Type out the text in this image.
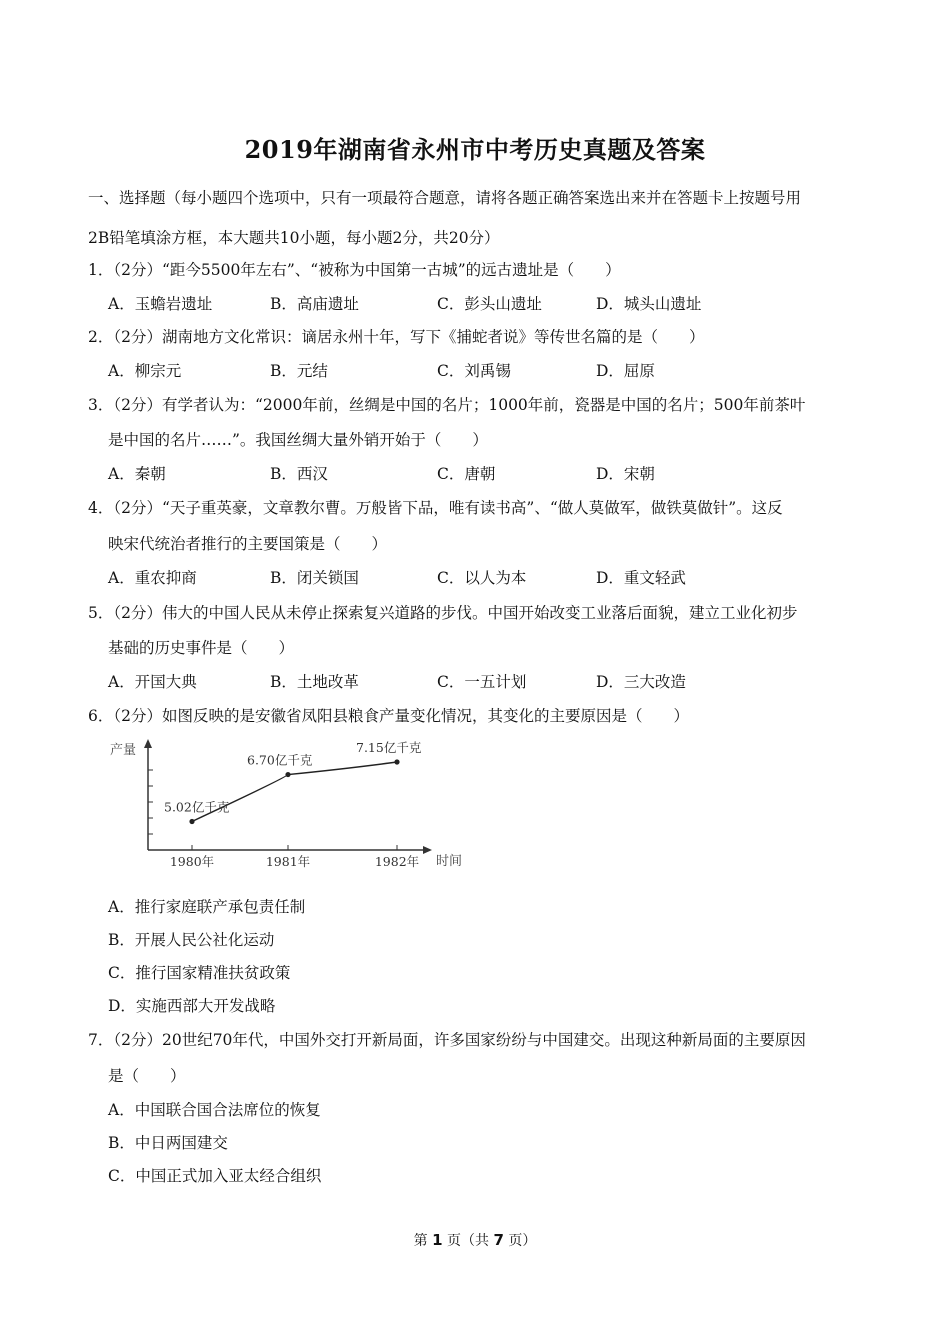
2019年湖南省永州市中考历史真题及答案
一、选择题（每小题四个选项中，只有一项最符合题意，请将各题正确答案选出来并在答题卡上按题号用
2B铅笔填涂方框，本大题共10小题，每小题2分，共20分）
1．（2分）“距今5500年左右”、“被称为中国第一古城”的远古遗址是（　　）
A．玉蟾岩遗址	B．高庙遗址	C．彭头山遗址	D．城头山遗址
2．（2分）湖南地方文化常识：谪居永州十年，写下《捕蛇者说》等传世名篇的是（　　）
A．柳宗元	B．元结	C．刘禹锡	D．屈原
3．（2分）有学者认为：“2000年前，丝绸是中国的名片；1000年前，瓷器是中国的名片；500年前茶叶
是中国的名片……”。我国丝绸大量外销开始于（　　）
A．秦朝	B．西汉	C．唐朝	D．宋朝
4．（2分）“天子重英豪，文章教尔曹。万般皆下品，唯有读书高”、“做人莫做军，做铁莫做针”。这反
映宋代统治者推行的主要国策是（　　）
A．重农抑商	B．闭关锁国	C．以人为本	D．重文轻武
5．（2分）伟大的中国人民从未停止探索复兴道路的步伐。中国开始改变工业落后面貌，建立工业化初步
基础的历史事件是（　　）
A．开国大典	B．土地改革	C．一五计划	D．三大改造
6．（2分）如图反映的是安徽省凤阳县粮食产量变化情况，其变化的主要原因是（　　）
产量
时间
1980年	1981年	1982年
5.02亿千克
6.70亿千克
7.15亿千克
A．推行家庭联产承包责任制
B．开展人民公社化运动
C．推行国家精准扶贫政策
D．实施西部大开发战略
7．（2分）20世纪70年代，中国外交打开新局面，许多国家纷纷与中国建交。出现这种新局面的主要原因
是（　　）
A．中国联合国合法席位的恢复
B．中日两国建交
C．中国正式加入亚太经合组织
第 1 页（共 7 页）
